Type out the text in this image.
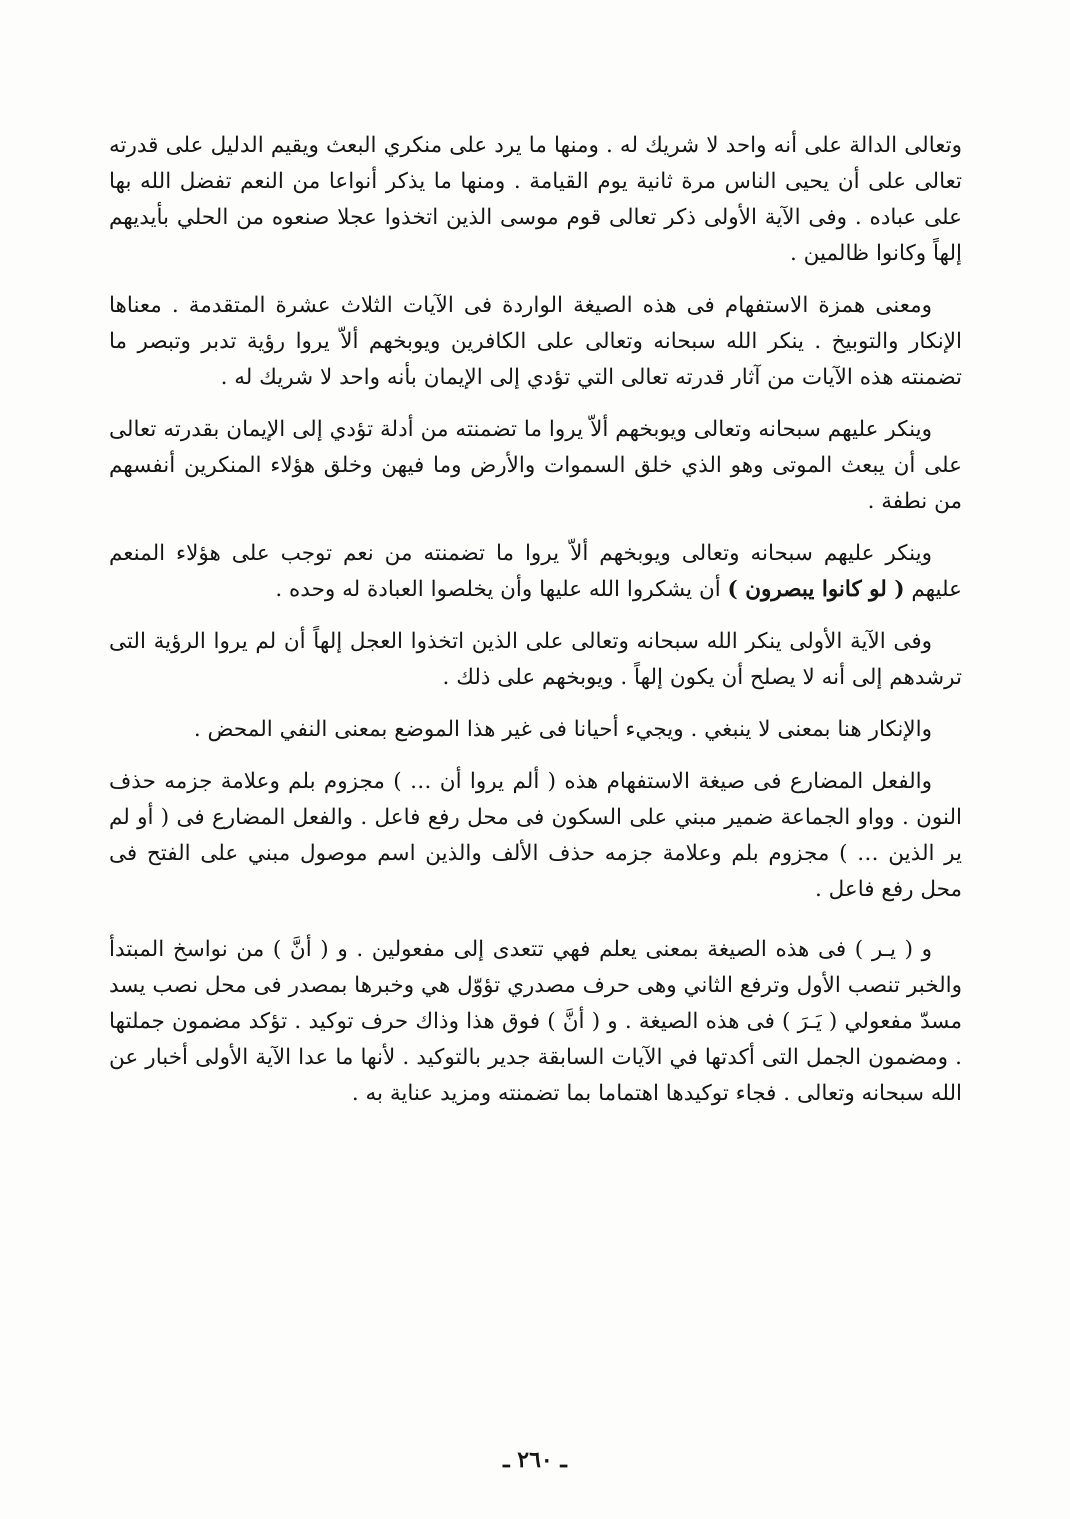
وتعالى الدالة على أنه واحد لا شريك له . ومنها ما يرد على منكري البعث ويقيم الدليل على قدرته تعالى على أن يحيى الناس مرة ثانية يوم القيامة . ومنها ما يذكر أنواعا من النعم تفضل الله بها على عباده . وفى الآية الأولى ذكر تعالى قوم موسى الذين اتخذوا عجلا صنعوه من الحلي بأيديهم إلهاً وكانوا ظالمين .

ومعنى همزة الاستفهام فى هذه الصيغة الواردة فى الآيات الثلاث عشرة المتقدمة . معناها الإنكار والتوبيخ . ينكر الله سبحانه وتعالى على الكافرين ويوبخهم ألاّ يروا رؤية تدبر وتبصر ما تضمنته هذه الآيات من آثار قدرته تعالى التي تؤدي إلى الإيمان بأنه واحد لا شريك له .

وينكر عليهم سبحانه وتعالى ويوبخهم ألاّ يروا ما تضمنته من أدلة تؤدي إلى الإيمان بقدرته تعالى على أن يبعث الموتى وهو الذي خلق السموات والأرض وما فيهن وخلق هؤلاء المنكرين أنفسهم من نطفة .

وينكر عليهم سبحانه وتعالى ويوبخهم ألاّ يروا ما تضمنته من نعم توجب على هؤلاء المنعم عليهم ( لو كانوا يبصرون ) أن يشكروا الله عليها وأن يخلصوا العبادة له وحده .

وفى الآية الأولى ينكر الله سبحانه وتعالى على الذين اتخذوا العجل إلهاً أن لم يروا الرؤية التى ترشدهم إلى أنه لا يصلح أن يكون إلهاً . ويوبخهم على ذلك .

والإنكار هنا بمعنى لا ينبغي . ويجيء أحيانا فى غير هذا الموضع بمعنى النفي المحض .

والفعل المضارع فى صيغة الاستفهام هذه ( ألم يروا أن … ) مجزوم بلم وعلامة جزمه حذف النون . وواو الجماعة ضمير مبني على السكون فى محل رفع فاعل . والفعل المضارع فى ( أو لم ير الذين … ) مجزوم بلم وعلامة جزمه حذف الألف والذين اسم موصول مبني على الفتح فى محل رفع فاعل .

و ( يـر ) فى هذه الصيغة بمعنى يعلم فهي تتعدى إلى مفعولين . و ( أنَّ ) من نواسخ المبتدأ والخبر تنصب الأول وترفع الثاني وهى حرف مصدري تؤوّل هي وخبرها بمصدر فى محل نصب يسد مسدّ مفعولي ( يَـرَ ) فى هذه الصيغة . و ( أنَّ ) فوق هذا وذاك حرف توكيد . تؤكد مضمون جملتها . ومضمون الجمل التى أكدتها في الآيات السابقة جدير بالتوكيد . لأنها ما عدا الآية الأولى أخبار عن الله سبحانه وتعالى . فجاء توكيدها اهتماما بما تضمنته ومزيد عناية به .

ـ ٢٦٠ ـ
